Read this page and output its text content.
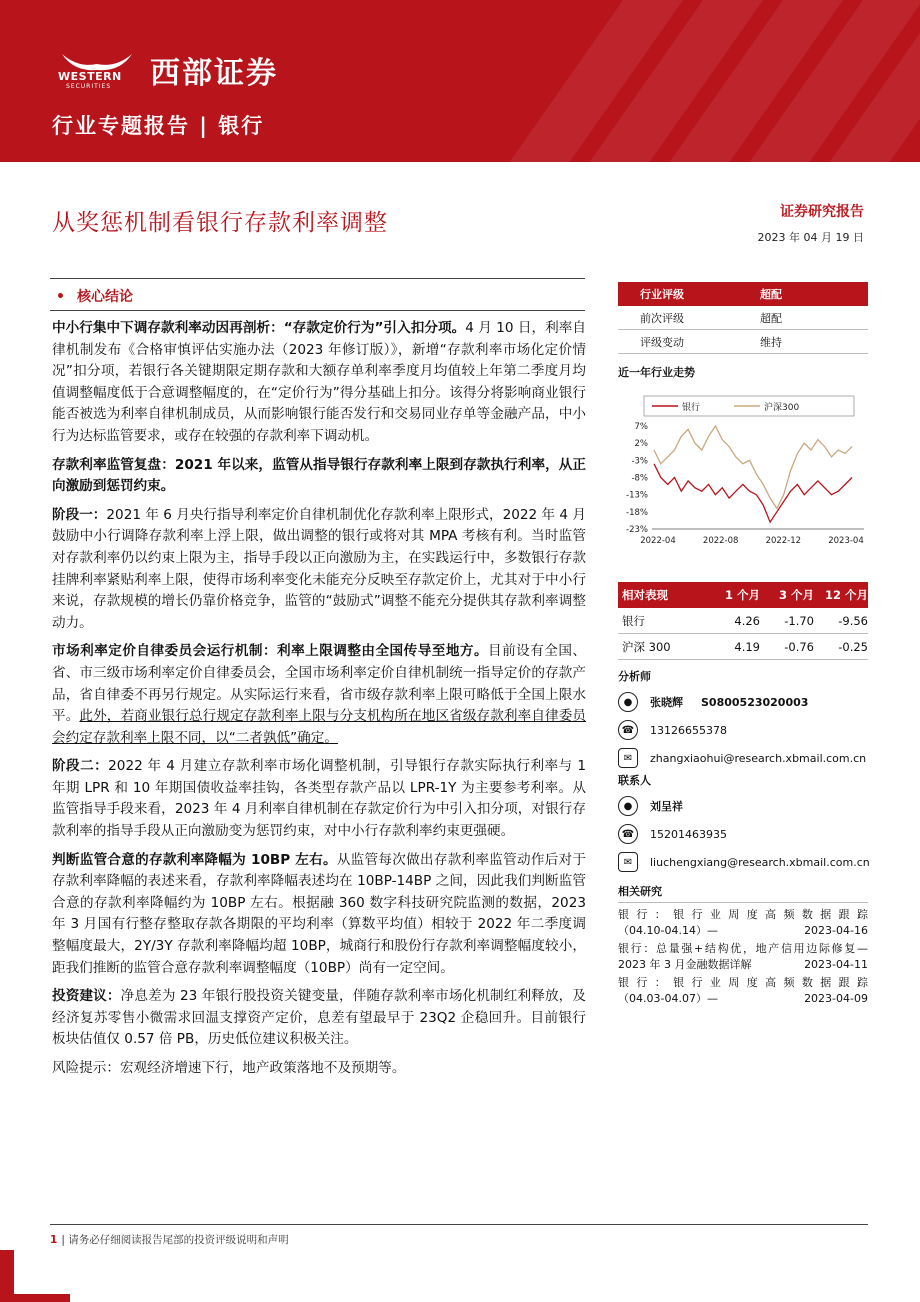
WESTERN
SECURITIES 西部证券
行业专题报告 | 银行
从奖惩机制看银行存款利率调整	证券研究报告
2023 年 04 月 19 日
• 核心结论

中小行集中下调存款利率动因再剖析：“存款定价行为”引入扣分项。4 月 10 日，利率自律机制发布《合格审慎评估实施办法（2023 年修订版）》，新增“存款利率市场化定价情况”扣分项，若银行各关键期限定期存款和大额存单利率季度月均值较上年第二季度月均值调整幅度低于合意调整幅度的，在“定价行为”得分基础上扣分。该得分将影响商业银行能否被选为利率自律机制成员，从而影响银行能否发行和交易同业存单等金融产品，中小行为达标监管要求，或存在较强的存款利率下调动机。

存款利率监管复盘：2021 年以来，监管从指导银行存款利率上限到存款执行利率，从正向激励到惩罚约束。

阶段一：2021 年 6 月央行指导利率定价自律机制优化存款利率上限形式，2022 年 4 月鼓励中小行调降存款利率上浮上限，做出调整的银行或将对其 MPA 考核有利。当时监管对存款利率仍以约束上限为主，指导手段以正向激励为主，在实践运行中，多数银行存款挂牌利率紧贴利率上限，使得市场利率变化未能充分反映至存款定价上，尤其对于中小行来说，存款规模的增长仍靠价格竞争，监管的“鼓励式”调整不能充分提供其存款利率调整动力。

市场利率定价自律委员会运行机制：利率上限调整由全国传导至地方。目前设有全国、省、市三级市场利率定价自律委员会，全国市场利率定价自律机制统一指导定价的存款产品，省自律委不再另行规定。从实际运行来看，省市级存款利率上限可略低于全国上限水平。此外，若商业银行总行规定存款利率上限与分支机构所在地区省级存款利率自律委员会约定存款利率上限不同，以“二者孰低”确定。

阶段二：2022 年 4 月建立存款利率市场化调整机制，引导银行存款实际执行利率与 1 年期 LPR 和 10 年期国债收益率挂钩，各类型存款产品以 LPR-1Y 为主要参考利率。从监管指导手段来看，2023 年 4 月利率自律机制在存款定价行为中引入扣分项，对银行存款利率的指导手段从正向激励变为惩罚约束，对中小行存款利率约束更强硬。

判断监管合意的存款利率降幅为 10BP 左右。从监管每次做出存款利率监管动作后对于存款利率降幅的表述来看，存款利率降幅表述均在 10BP-14BP 之间，因此我们判断监管合意的存款利率降幅约为 10BP 左右。根据融 360 数字科技研究院监测的数据，2023 年 3 月国有行整存整取存款各期限的平均利率（算数平均值）相较于 2022 年二季度调整幅度最大，2Y/3Y 存款利率降幅均超 10BP，城商行和股份行存款利率调整幅度较小，距我们推断的监管合意存款利率调整幅度（10BP）尚有一定空间。

投资建议：净息差为 23 年银行股投资关键变量，伴随存款利率市场化机制红利释放，及经济复苏零售小微需求回温支撑资产定价，息差有望最早于 23Q2 企稳回升。目前银行板块估值仅 0.57 倍 PB，历史低位建议积极关注。

风险提示：宏观经济增速下行，地产政策落地不及预期等。

行业评级	超配
前次评级	超配
评级变动	维持
近一年行业走势
银行	沪深300
7%
2%
-3%
-8%
-13%
-18%
-23%
2022-04	2022-08	2022-12	2023-04
相对表现	1 个月	3 个月 12 个月
银行	4.26	-1.70	-9.56
沪深 300	4.19	-0.76	-0.25
分析师
●	张晓辉 S0800523020003
☎	13126655378
✉	zhangxiaohui@research.xbmail.com.cn
联系人
●	刘呈祥
☎	15201463935
✉	liuchengxiang@research.xbmail.com.cn
相关研究
银行：银行业周度高频数据跟踪
（04.10-04.14）—	2023-04-16
银行：总量强+结构优，地产信用边际修复—
2023 年 3 月金融数据详解	2023-04-11
银行：银行业周度高频数据跟踪
（04.03-04.07）—	2023-04-09
1 | 请务必仔细阅读报告尾部的投资评级说明和声明
